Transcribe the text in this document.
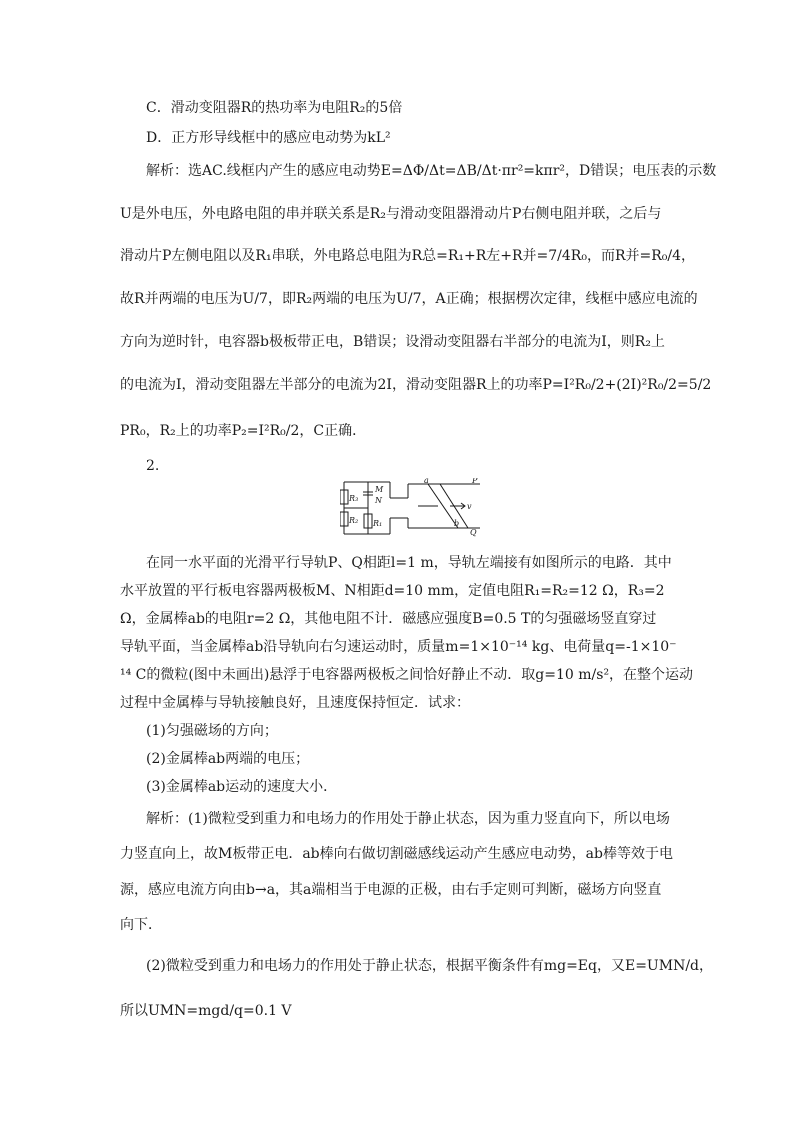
C．滑动变阻器R的热功率为电阻R₂的5倍
D．正方形导线框中的感应电动势为kL²
解析：选AC.线框内产生的感应电动势E=ΔΦ/Δt=ΔB/Δt·πr²=kπr²，D错误；电压表的示数
U是外电压，外电路电阻的串并联关系是R₂与滑动变阻器滑动片P右侧电阻并联，之后与
滑动片P左侧电阻以及R₁串联，外电路总电阻为R总=R₁+R左+R并=7/4R₀，而R并=R₀/4，
故R并两端的电压为U/7，即R₂两端的电压为U/7，A正确；根据楞次定律，线框中感应电流的
方向为逆时针，电容器b极板带正电，B错误；设滑动变阻器右半部分的电流为I，则R₂上
的电流为I，滑动变阻器左半部分的电流为2I，滑动变阻器R上的功率P=I²R₀/2+(2I)²R₀/2=5/2
PR₀，R₂上的功率P₂=I²R₀/2，C正确．
2.
R₃
R₂ R₁
M
N
a
b
P
Q
v
在同一水平面的光滑平行导轨P、Q相距l=1 m，导轨左端接有如图所示的电路．其中
水平放置的平行板电容器两极板M、N相距d=10 mm，定值电阻R₁=R₂=12 Ω，R₃=2
Ω，金属棒ab的电阻r=2 Ω，其他电阻不计．磁感应强度B=0.5 T的匀强磁场竖直穿过
导轨平面，当金属棒ab沿导轨向右匀速运动时，质量m=1×10⁻¹⁴ kg、电荷量q=-1×10⁻
¹⁴ C的微粒(图中未画出)悬浮于电容器两极板之间恰好静止不动．取g=10 m/s²，在整个运动
过程中金属棒与导轨接触良好，且速度保持恒定．试求：
(1)匀强磁场的方向；
(2)金属棒ab两端的电压；
(3)金属棒ab运动的速度大小．
解析：(1)微粒受到重力和电场力的作用处于静止状态，因为重力竖直向下，所以电场
力竖直向上，故M板带正电．ab棒向右做切割磁感线运动产生感应电动势，ab棒等效于电
源，感应电流方向由b→a，其a端相当于电源的正极，由右手定则可判断，磁场方向竖直
向下．
(2)微粒受到重力和电场力的作用处于静止状态，根据平衡条件有mg=Eq，又E=UMN/d，
所以UMN=mgd/q=0.1 V
